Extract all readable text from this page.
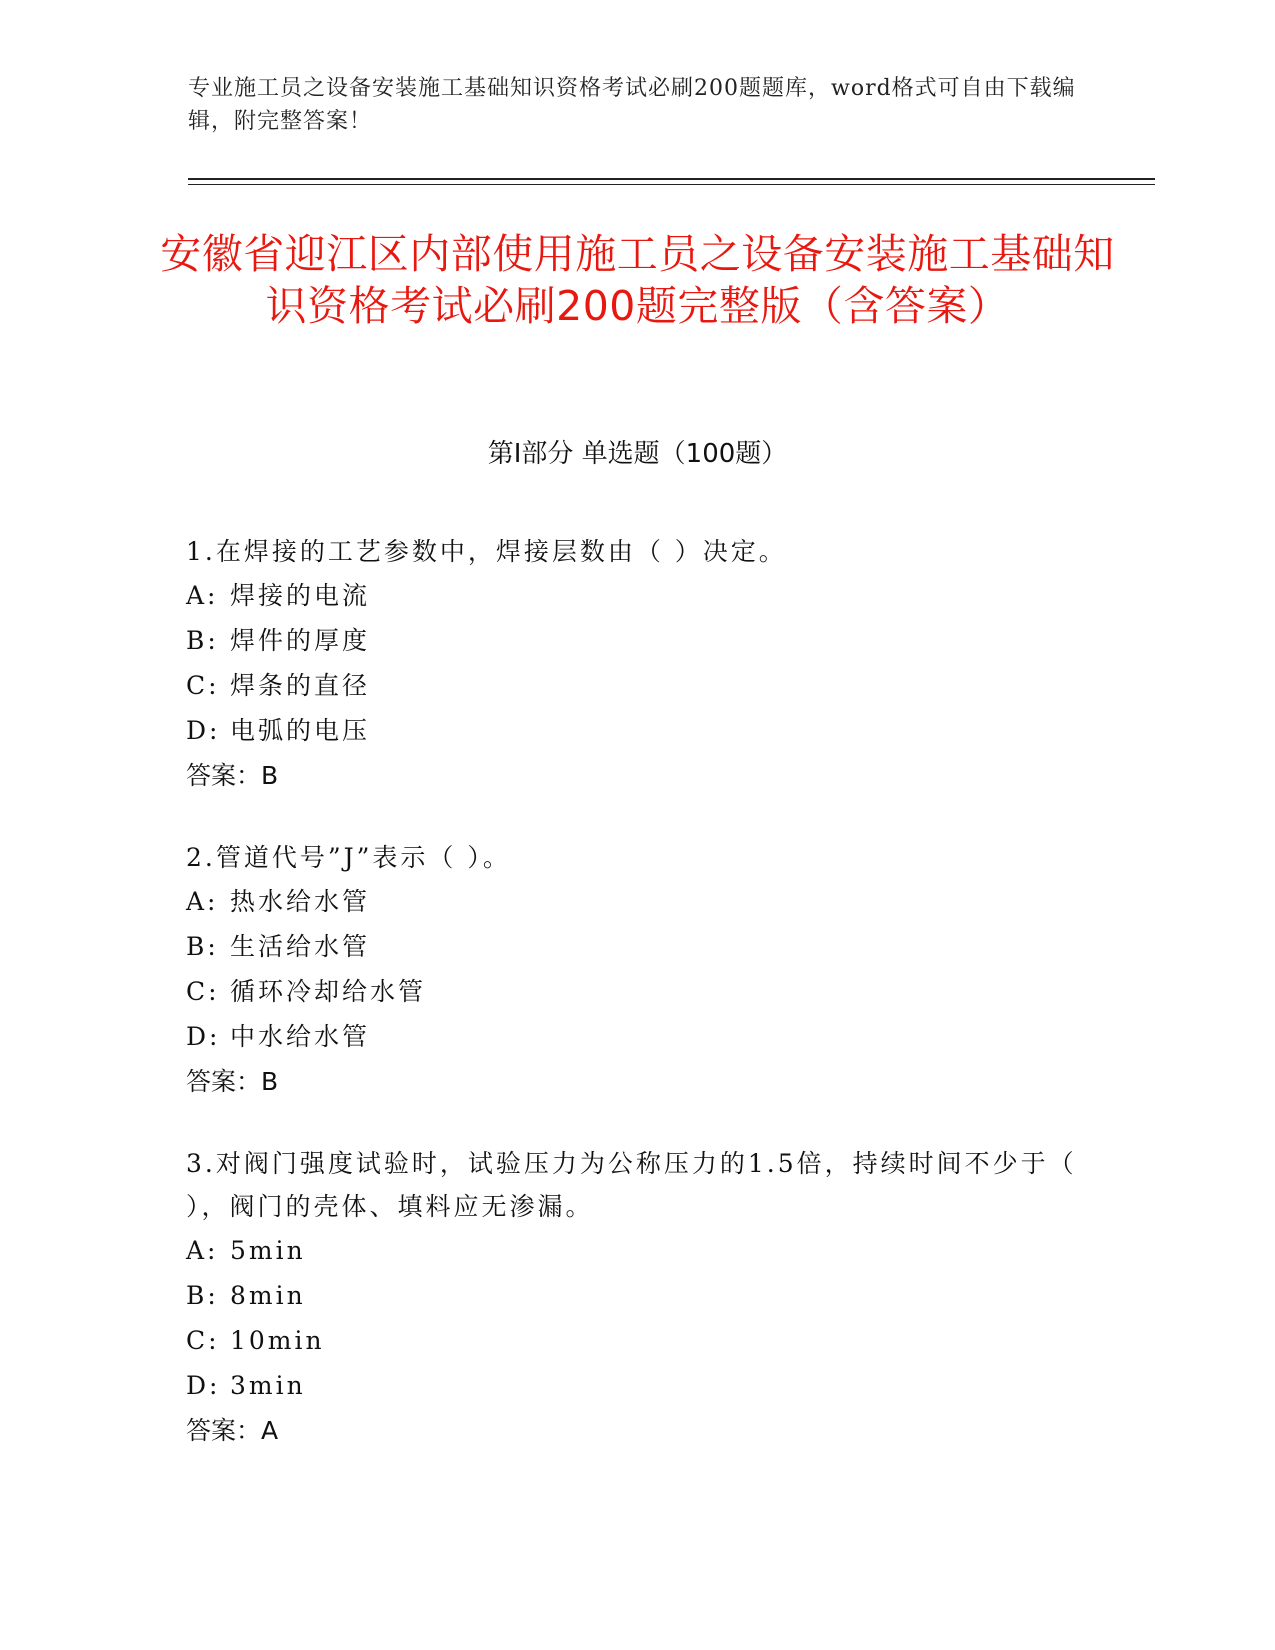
专业施工员之设备安装施工基础知识资格考试必刷200题题库，word格式可自由下载编辑，附完整答案！
安徽省迎江区内部使用施工员之设备安装施工基础知识资格考试必刷200题完整版（含答案）
第I部分 单选题（100题）
1.在焊接的工艺参数中，焊接层数由（ ）决定。
A: 焊接的电流
B: 焊件的厚度
C: 焊条的直径
D: 电弧的电压
答案：B
2.管道代号”J”表示（ ）。
A: 热水给水管
B: 生活给水管
C: 循环冷却给水管
D: 中水给水管
答案：B
3.对阀门强度试验时，试验压力为公称压力的1.5倍，持续时间不少于（ ），阀门的壳体、填料应无渗漏。
A: 5min
B: 8min
C: 10min
D: 3min
答案：A
